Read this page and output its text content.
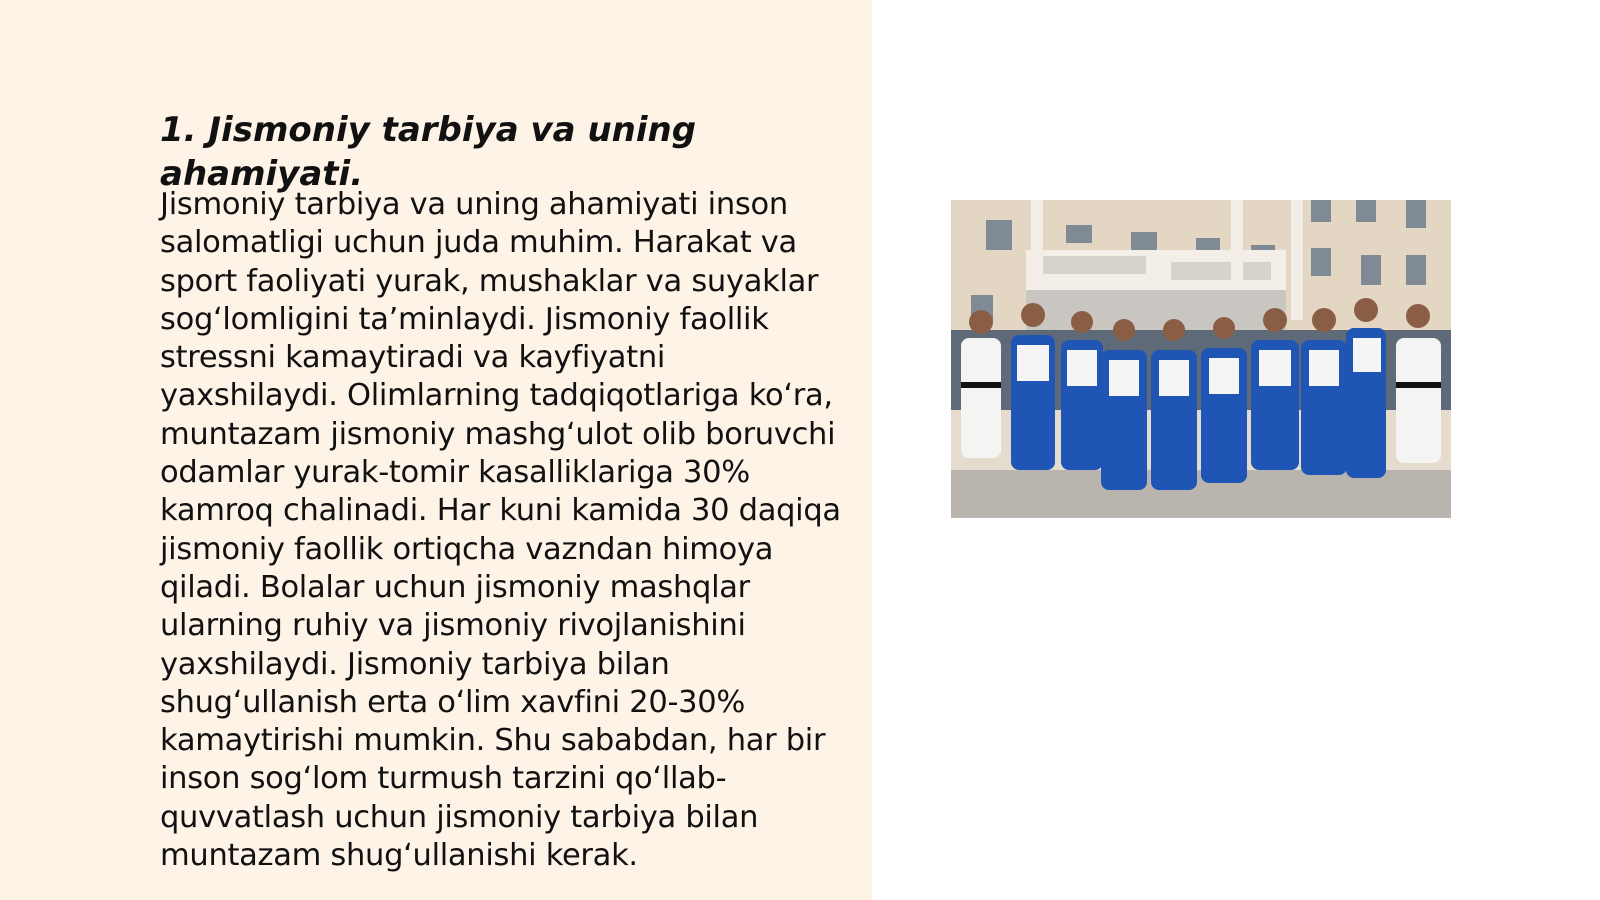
1. Jismoniy tarbiya va uning ahamiyati.

Jismoniy tarbiya va uning ahamiyati inson salomatligi uchun juda muhim. Harakat va sport faoliyati yurak, mushaklar va suyaklar sog‘lomligini ta’minlaydi. Jismoniy faollik stressni kamaytiradi va kayfiyatni yaxshilaydi. Olimlarning tadqiqotlariga ko‘ra, muntazam jismoniy mashg‘ulot olib boruvchi odamlar yurak-tomir kasalliklariga 30% kamroq chalinadi. Har kuni kamida 30 daqiqa jismoniy faollik ortiqcha vazndan himoya qiladi. Bolalar uchun jismoniy mashqlar ularning ruhiy va jismoniy rivojlanishini yaxshilaydi. Jismoniy tarbiya bilan shug‘ullanish erta o‘lim xavfini 20-30% kamaytirishi mumkin. Shu sababdan, har bir inson sog‘lom turmush tarzini qo‘llab-quvvatlash uchun jismoniy tarbiya bilan muntazam shug‘ullanishi kerak.
